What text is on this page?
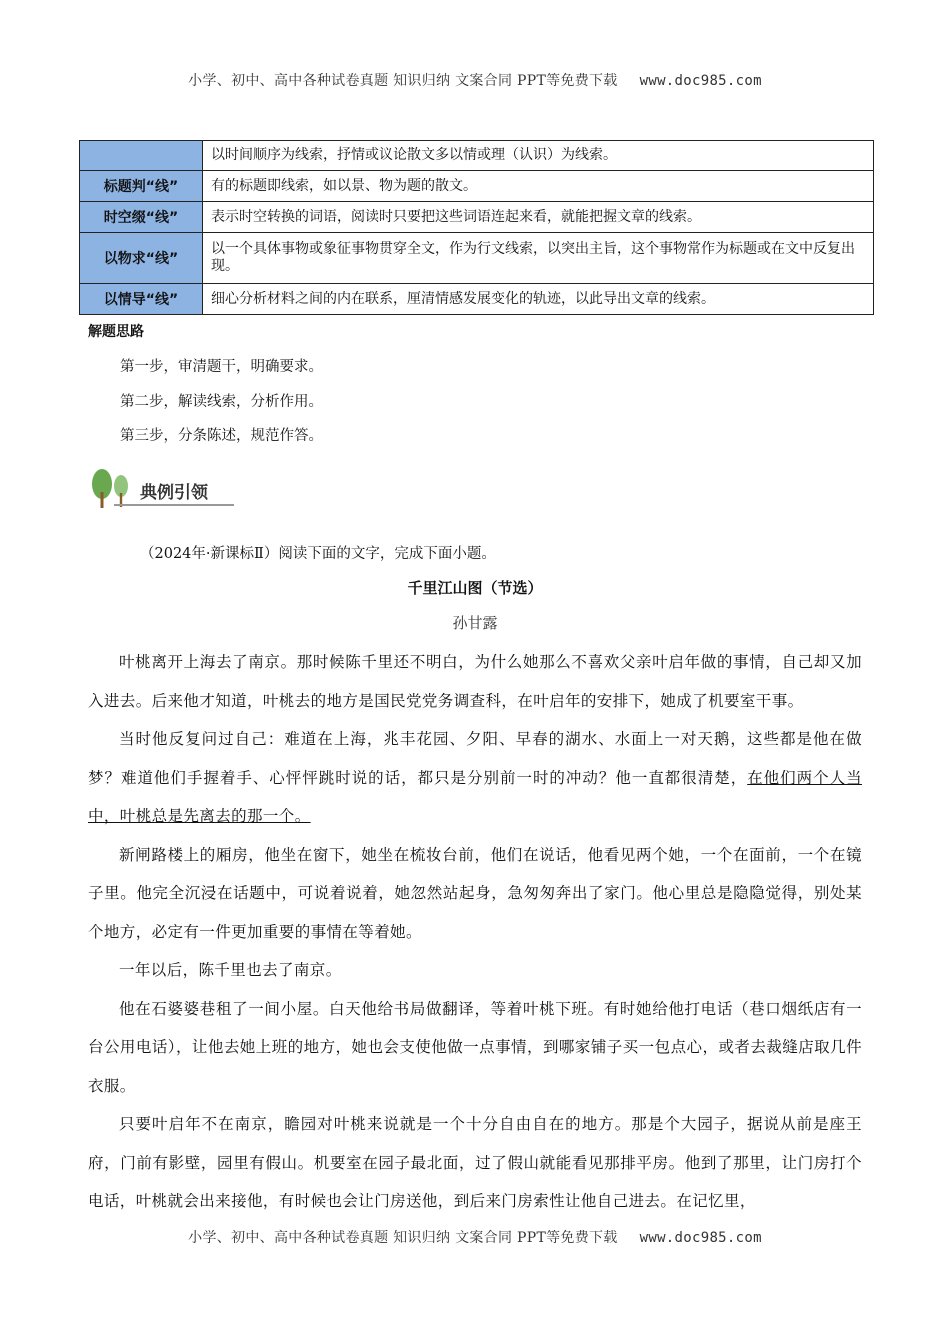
小学、初中、高中各种试卷真题 知识归纳 文案合同 PPT等免费下载 www.doc985.com
	以时间顺序为线索，抒情或议论散文多以情或理（认识）为线索。
标题判“线”	有的标题即线索，如以景、物为题的散文。
时空缀“线”	表示时空转换的词语，阅读时只要把这些词语连起来看，就能把握文章的线索。
以物求“线”	以一个具体事物或象征事物贯穿全文，作为行文线索，以突出主旨，这个事物常作为标题或在文中反复出现。
以情导“线”	细心分析材料之间的内在联系，厘清情感发展变化的轨迹，以此导出文章的线索。
解题思路
第一步，审清题干，明确要求。
第二步，解读线索，分析作用。
第三步，分条陈述，规范作答。
典例引领
（2024年·新课标Ⅱ）阅读下面的文字，完成下面小题。
千里江山图（节选）
孙甘露

叶桃离开上海去了南京。那时候陈千里还不明白，为什么她那么不喜欢父亲叶启年做的事情，自己却又加入进去。后来他才知道，叶桃去的地方是国民党党务调查科，在叶启年的安排下，她成了机要室干事。

当时他反复问过自己：难道在上海，兆丰花园、夕阳、早春的湖水、水面上一对天鹅，这些都是他在做梦？难道他们手握着手、心怦怦跳时说的话，都只是分别前一时的冲动？他一直都很清楚，在他们两个人当中，叶桃总是先离去的那一个。

新闸路楼上的厢房，他坐在窗下，她坐在梳妆台前，他们在说话，他看见两个她，一个在面前，一个在镜子里。他完全沉浸在话题中，可说着说着，她忽然站起身，急匆匆奔出了家门。他心里总是隐隐觉得，别处某个地方，必定有一件更加重要的事情在等着她。

一年以后，陈千里也去了南京。

他在石婆婆巷租了一间小屋。白天他给书局做翻译，等着叶桃下班。有时她给他打电话（巷口烟纸店有一台公用电话），让他去她上班的地方，她也会支使他做一点事情，到哪家铺子买一包点心，或者去裁缝店取几件衣服。

只要叶启年不在南京，瞻园对叶桃来说就是一个十分自由自在的地方。那是个大园子，据说从前是座王府，门前有影壁，园里有假山。机要室在园子最北面，过了假山就能看见那排平房。他到了那里，让门房打个电话，叶桃就会出来接他，有时候也会让门房送他，到后来门房索性让他自己进去。在记忆里，

小学、初中、高中各种试卷真题 知识归纳 文案合同 PPT等免费下载 www.doc985.com
